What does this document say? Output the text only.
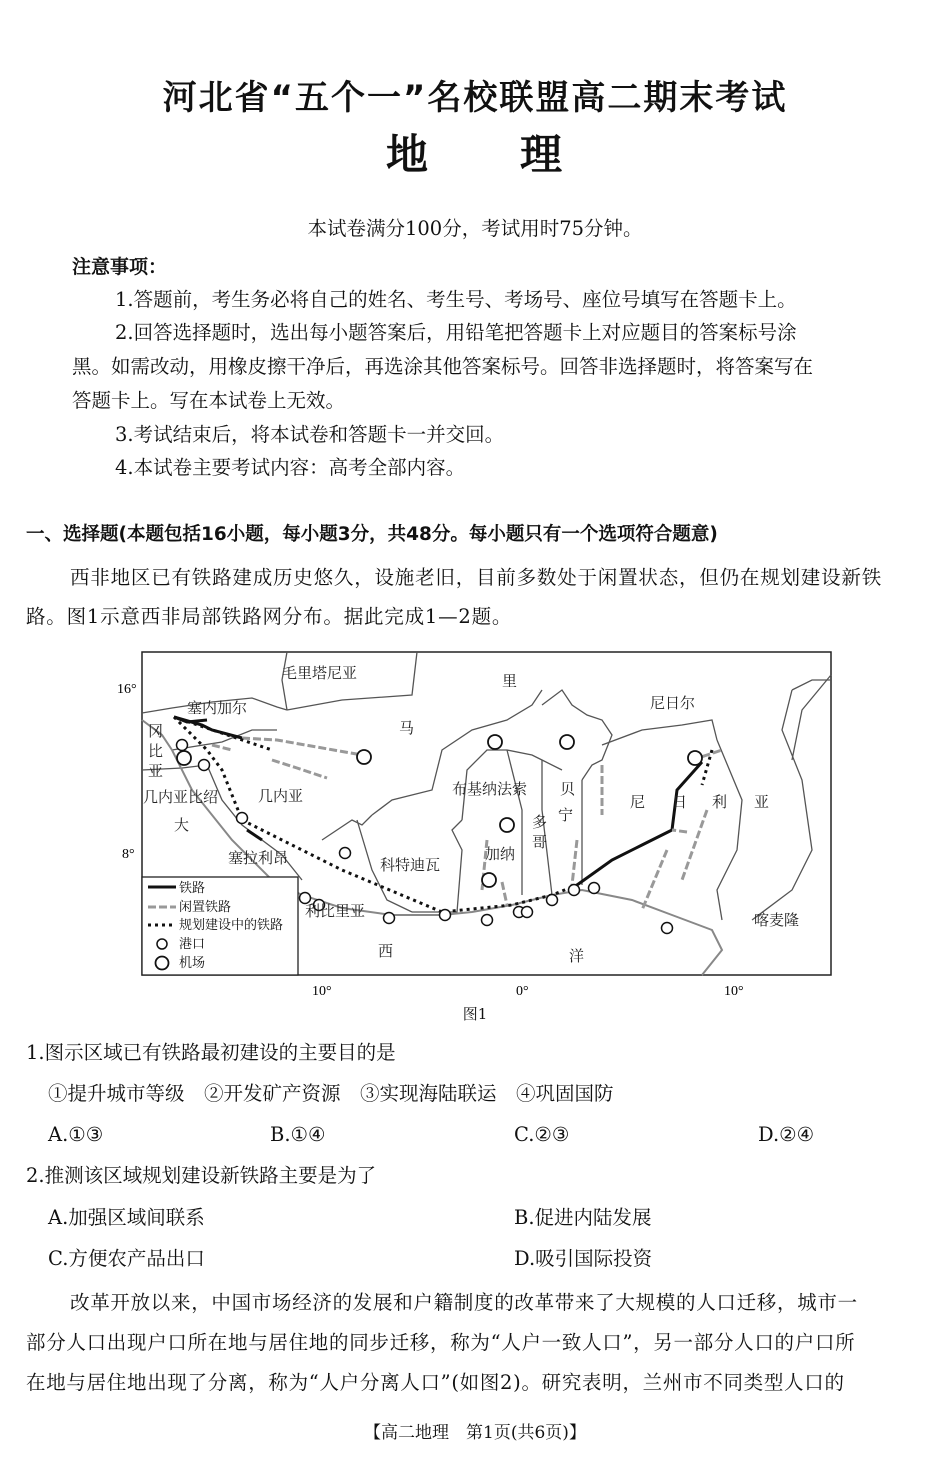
河北省“五个一”名校联盟高二期末考试
地 理
本试卷满分100分，考试用时75分钟。
注意事项：
1.答题前，考生务必将自己的姓名、考生号、考场号、座位号填写在答题卡上。
2.回答选择题时，选出每小题答案后，用铅笔把答题卡上对应题目的答案标号涂
黑。如需改动，用橡皮擦干净后，再选涂其他答案标号。回答非选择题时，将答案写在
答题卡上。写在本试卷上无效。
3.考试结束后，将本试卷和答题卡一并交回。
4.本试卷主要考试内容：高考全部内容。
一、选择题(本题包括16小题，每小题3分，共48分。每小题只有一个选项符合题意)
西非地区已有铁路建成历史悠久，设施老旧，目前多数处于闲置状态，但仍在规划建设新铁
路。图1示意西非局部铁路网分布。据此完成1—2题。
16°
8°
10°	0°	10°
毛里塔尼亚	里
尼日尔
塞内加尔
马
冈
比
亚
几内亚比绍	几内亚	布基纳法索 贝
宁
尼 日 利 亚
大	多
哥
塞拉利昂	科特迪瓦
加纳
利比里亚
西	洋
喀麦隆
铁路
闲置铁路
规划建设中的铁路
港口
机场
图1
1.图示区域已有铁路最初建设的主要目的是
①提升城市等级　②开发矿产资源　③实现海陆联运　④巩固国防
A.①③	B.①④	C.②③	D.②④
2.推测该区域规划建设新铁路主要是为了
A.加强区域间联系	B.促进内陆发展
C.方便农产品出口	D.吸引国际投资
改革开放以来，中国市场经济的发展和户籍制度的改革带来了大规模的人口迁移，城市一
部分人口出现户口所在地与居住地的同步迁移，称为“人户一致人口”，另一部分人口的户口所
在地与居住地出现了分离，称为“人户分离人口”(如图2)。研究表明，兰州市不同类型人口的
【高二地理　第1页(共6页)】
